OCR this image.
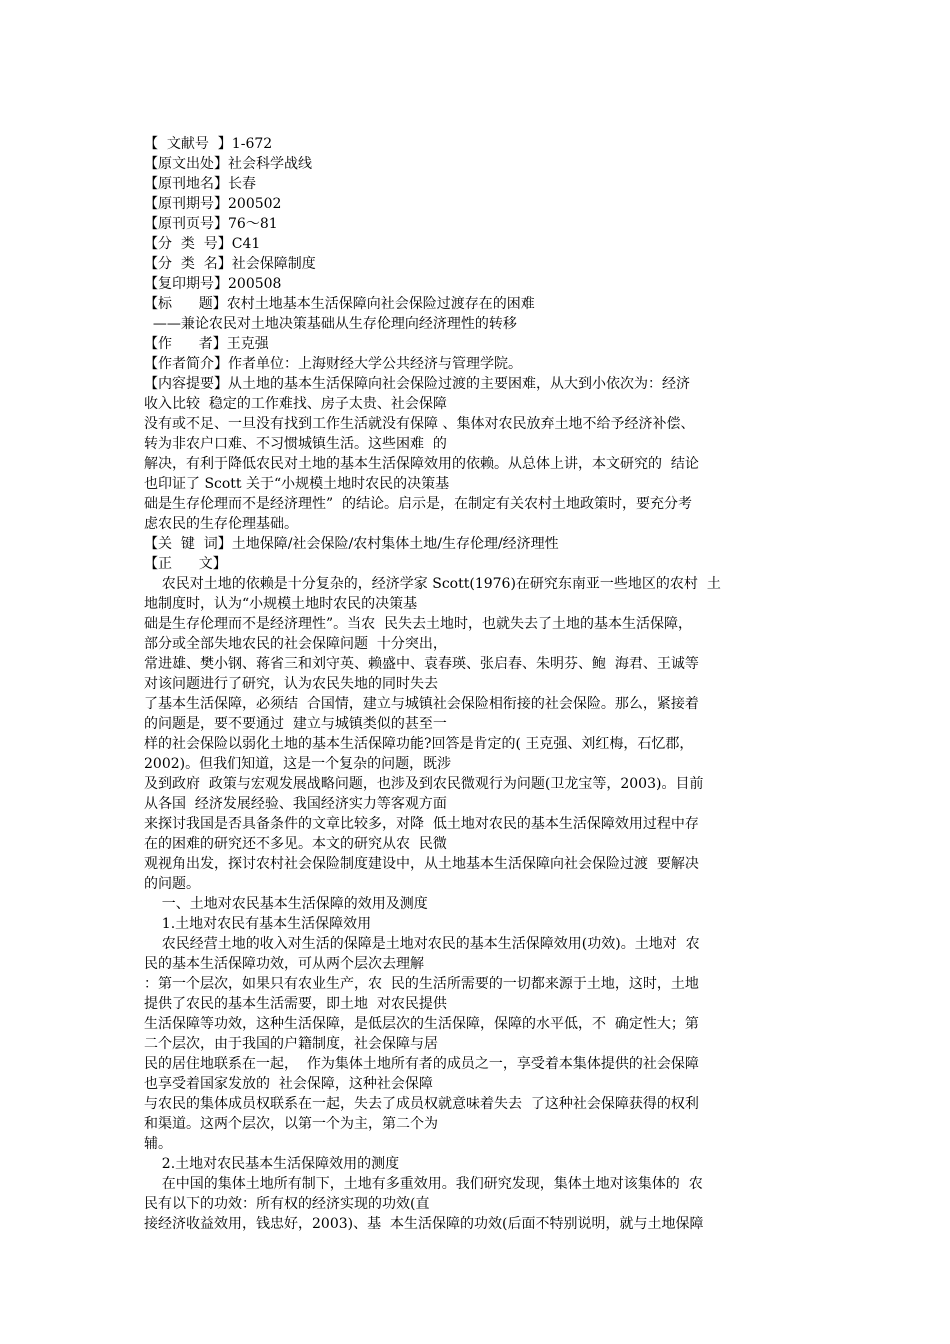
【  文献号  】1-672
【原文出处】社会科学战线
【原刊地名】长春
【原刊期号】200502
【原刊页号】76～81
【分  类  号】C41
【分  类  名】社会保障制度
【复印期号】200508
【标      题】农村土地基本生活保障向社会保险过渡存在的困难
——兼论农民对土地决策基础从生存伦理向经济理性的转移
【作      者】王克强
【作者简介】作者单位：上海财经大学公共经济与管理学院。
【内容提要】从土地的基本生活保障向社会保险过渡的主要困难，从大到小依次为：经济
收入比较  稳定的工作难找、房子太贵、社会保障
没有或不足、一旦没有找到工作生活就没有保障 、集体对农民放弃土地不给予经济补偿、
转为非农户口难、不习惯城镇生活。这些困难  的
解决，有利于降低农民对土地的基本生活保障效用的依赖。从总体上讲，本文研究的  结论
也印证了 Scott 关于“小规模土地时农民的决策基
础是生存伦理而不是经济理性”  的结论。启示是，在制定有关农村土地政策时，要充分考
虑农民的生存伦理基础。
【关  键  词】土地保障/社会保险/农村集体土地/生存伦理/经济理性
【正      文】
农民对土地的依赖是十分复杂的，经济学家 Scott(1976)在研究东南亚一些地区的农村  土
地制度时，认为“小规模土地时农民的决策基
础是生存伦理而不是经济理性”。当农  民失去土地时，也就失去了土地的基本生活保障，
部分或全部失地农民的社会保障问题  十分突出，
常进雄、樊小钢、蒋省三和刘守英、赖盛中、袁春瑛、张启春、朱明芬、鲍  海君、王诚等
对该问题进行了研究，认为农民失地的同时失去
了基本生活保障，必须结  合国情，建立与城镇社会保险相衔接的社会保险。那么，紧接着
的问题是，要不要通过  建立与城镇类似的甚至一
样的社会保险以弱化土地的基本生活保障功能?回答是肯定的( 王克强、刘红梅，石忆郡，
2002)。但我们知道，这是一个复杂的问题，既涉
及到政府  政策与宏观发展战略问题，也涉及到农民微观行为问题(卫龙宝等，2003)。目前
从各国  经济发展经验、我国经济实力等客观方面
来探讨我国是否具备条件的文章比较多，对降  低土地对农民的基本生活保障效用过程中存
在的困难的研究还不多见。本文的研究从农  民微
观视角出发，探讨农村社会保险制度建设中，从土地基本生活保障向社会保险过渡  要解决
的问题。
一、土地对农民基本生活保障的效用及测度
1.土地对农民有基本生活保障效用
农民经营土地的收入对生活的保障是土地对农民的基本生活保障效用(功效)。土地对  农
民的基本生活保障功效，可从两个层次去理解
：第一个层次，如果只有农业生产，农  民的生活所需要的一切都来源于土地，这时，土地
提供了农民的基本生活需要，即土地  对农民提供
生活保障等功效，这种生活保障，是低层次的生活保障，保障的水平低，不  确定性大；第
二个层次，由于我国的户籍制度，社会保障与居
民的居住地联系在一起，  作为集体土地所有者的成员之一，享受着本集体提供的社会保障
也享受着国家发放的  社会保障，这种社会保障
与农民的集体成员权联系在一起，失去了成员权就意味着失去  了这种社会保障获得的权利
和渠道。这两个层次，以第一个为主，第二个为
辅。
2.土地对农民基本生活保障效用的测度
在中国的集体土地所有制下，土地有多重效用。我们研究发现，集体土地对该集体的  农
民有以下的功效：所有权的经济实现的功效(直
接经济收益效用，钱忠好，2003)、基  本生活保障的功效(后面不特别说明，就与土地保障
